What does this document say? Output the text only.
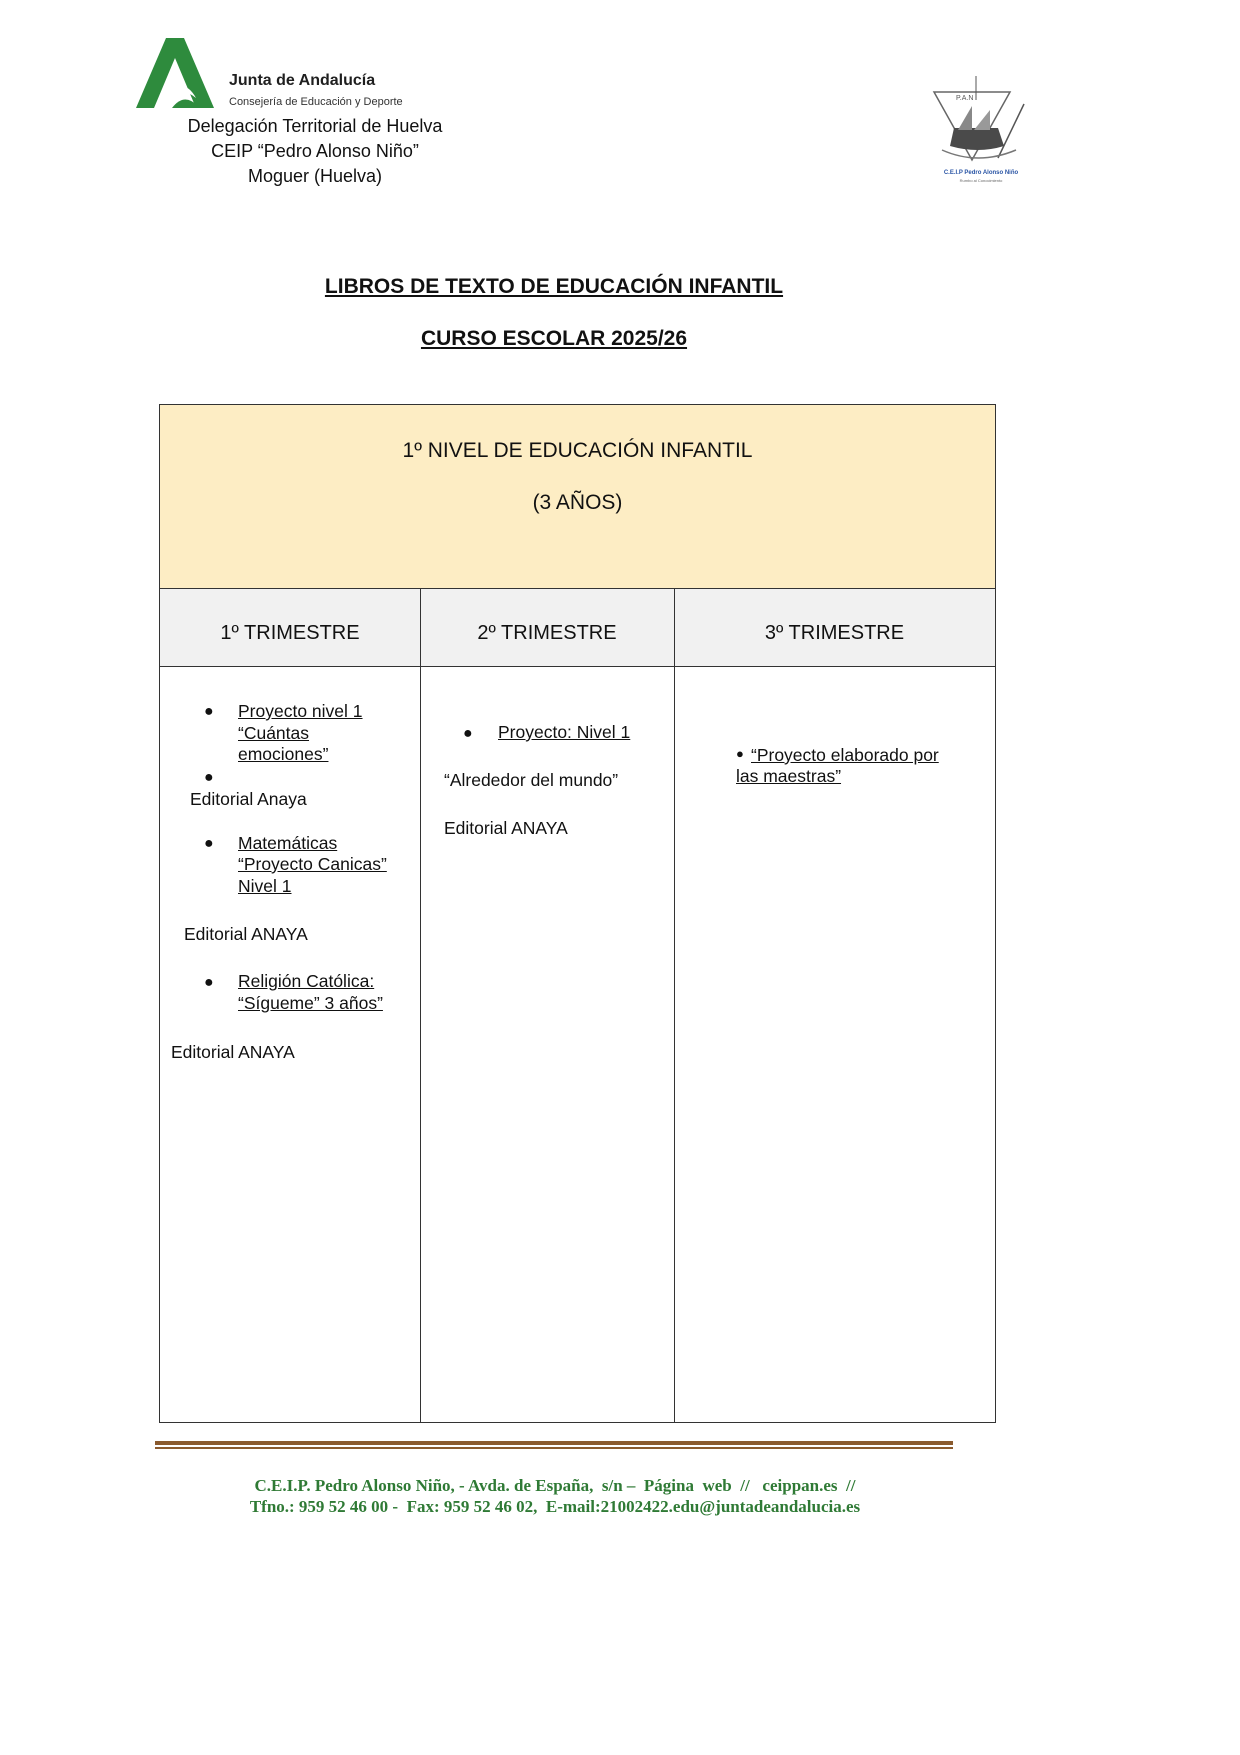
Junta de Andalucía
Consejería de Educación y Deporte
Delegación Territorial de Huelva
CEIP “Pedro Alonso Niño”
Moguer (Huelva)
P.A.N
C.E.I.P Pedro Alonso Niño
Rumbo al Conocimiento
LIBROS DE TEXTO DE EDUCACIÓN INFANTIL
CURSO ESCOLAR 2025/26
1º NIVEL DE EDUCACIÓN INFANTIL
(3 AÑOS)
1º TRIMESTRE	2º TRIMESTRE	3º TRIMESTRE
● Proyecto nivel 1
“Cuántas
emociones”
●
Editorial Anaya
● Matemáticas
“Proyecto Canicas”
Nivel 1
Editorial ANAYA
● Religión Católica:
“Sígueme” 3 años”
Editorial ANAYA
● Proyecto: Nivel 1
“Alrededor del mundo”
Editorial ANAYA
● “Proyecto elaborado por
las maestras”
C.E.I.P. Pedro Alonso Niño, - Avda. de España,  s/n –  Página  web  //   ceippan.es  //
Tfno.: 959 52 46 00 -  Fax: 959 52 46 02,  E-mail:21002422.edu@juntadeandalucia.es
